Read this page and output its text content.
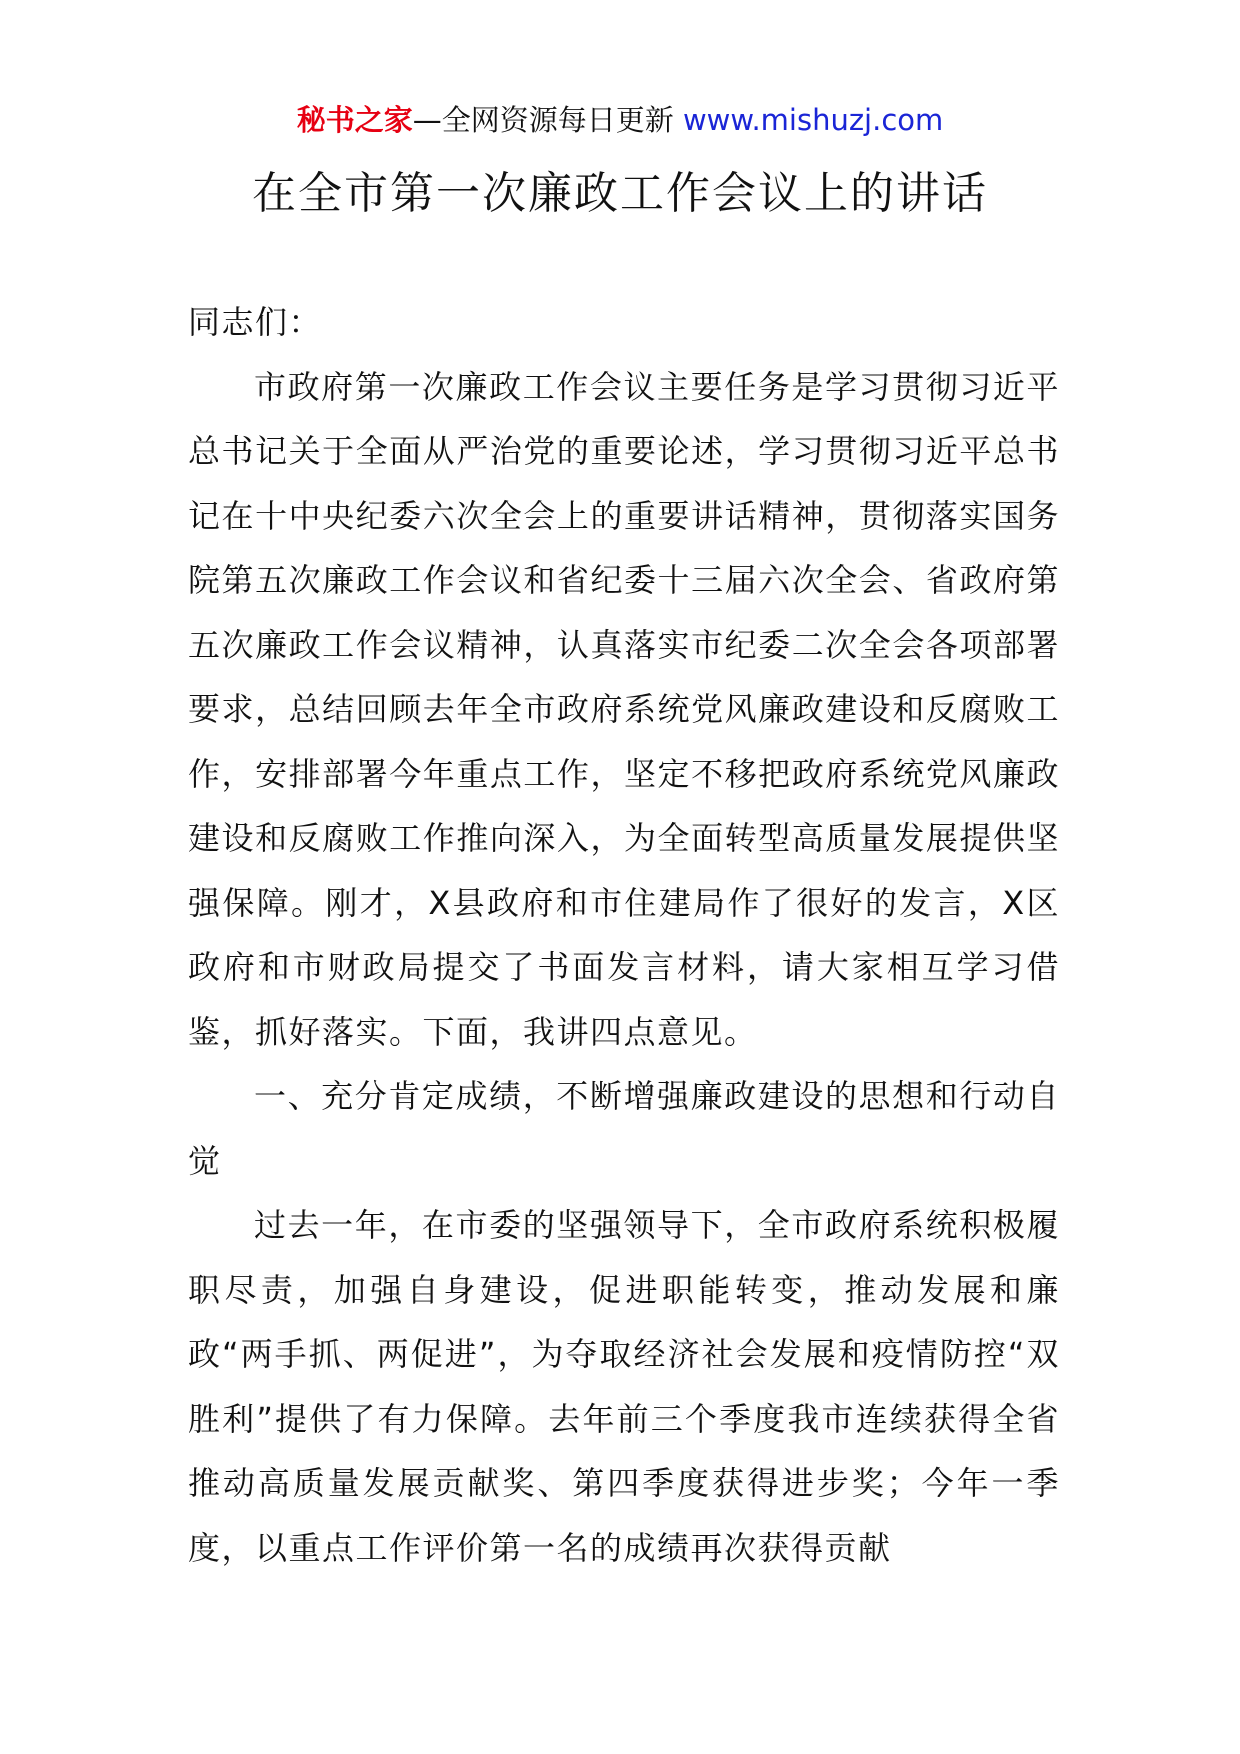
秘书之家—全网资源每日更新 www.mishuzj.com
在全市第一次廉政工作会议上的讲话

同志们：

市政府第一次廉政工作会议主要任务是学习贯彻习近平总书记关于全面从严治党的重要论述，学习贯彻习近平总书记在十中央纪委六次全会上的重要讲话精神，贯彻落实国务院第五次廉政工作会议和省纪委十三届六次全会、省政府第五次廉政工作会议精神，认真落实市纪委二次全会各项部署要求，总结回顾去年全市政府系统党风廉政建设和反腐败工作，安排部署今年重点工作，坚定不移把政府系统党风廉政建设和反腐败工作推向深入，为全面转型高质量发展提供坚强保障。刚才，X县政府和市住建局作了很好的发言，X区政府和市财政局提交了书面发言材料，请大家相互学习借鉴，抓好落实。下面，我讲四点意见。

一、充分肯定成绩，不断增强廉政建设的思想和行动自觉

过去一年，在市委的坚强领导下，全市政府系统积极履职尽责，加强自身建设，促进职能转变，推动发展和廉政“两手抓、两促进”，为夺取经济社会发展和疫情防控“双胜利”提供了有力保障。去年前三个季度我市连续获得全省推动高质量发展贡献奖、第四季度获得进步奖；今年一季度，以重点工作评价第一名的成绩再次获得贡献
